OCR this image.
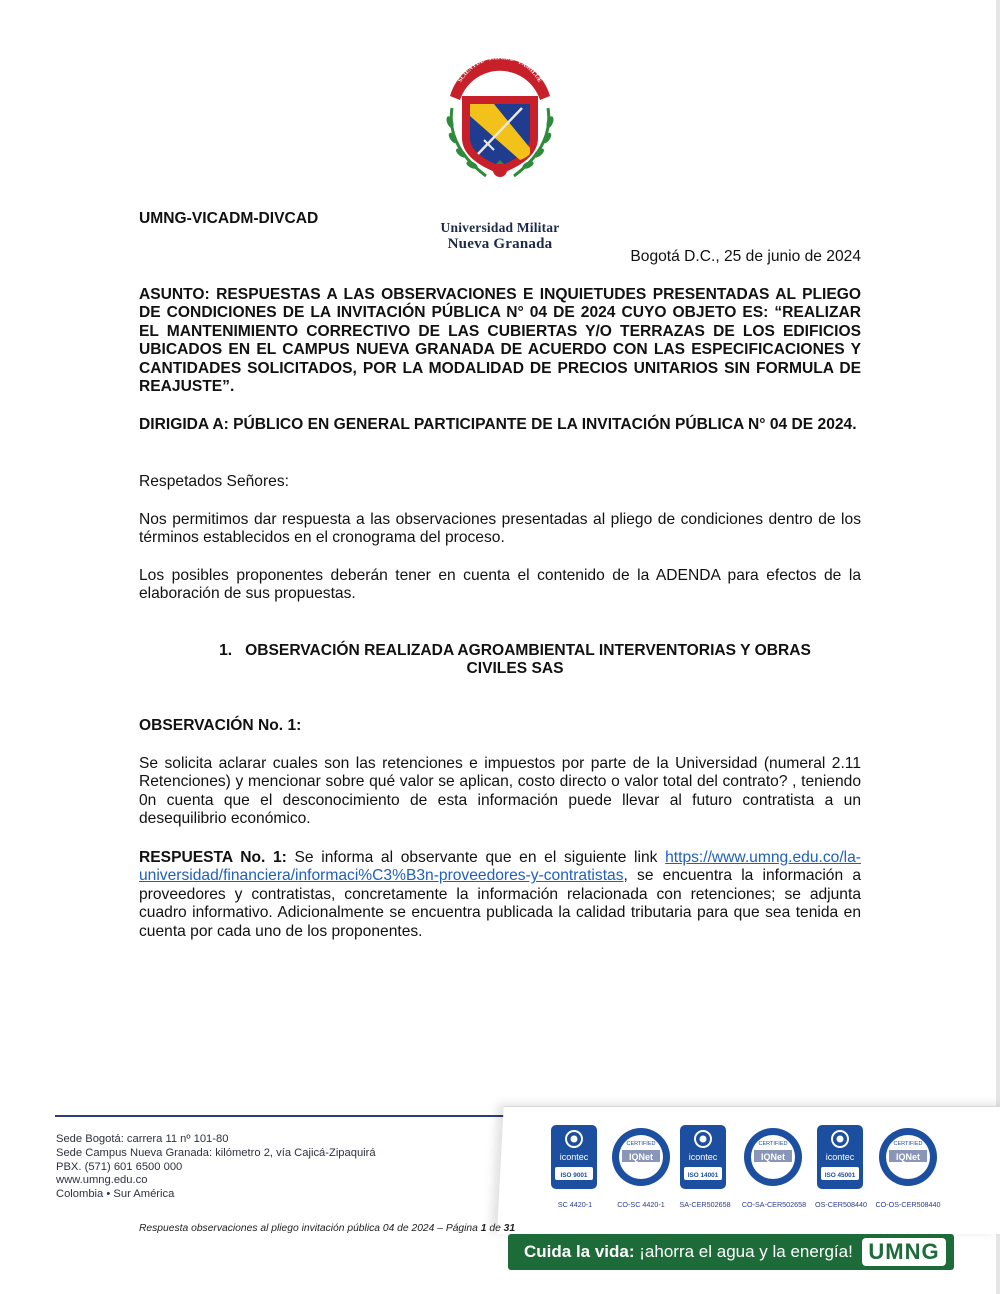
SCIENTIÆ · PATRIÆ · FAMILIÆ
Universidad Militar
Nueva Granada
UMNG-VICADM-DIVCAD
Bogotá D.C., 25 de junio de 2024
ASUNTO: RESPUESTAS A LAS OBSERVACIONES E INQUIETUDES PRESENTADAS AL PLIEGO DE CONDICIONES DE LA INVITACIÓN PÚBLICA N° 04 DE 2024 CUYO OBJETO ES: “REALIZAR EL MANTENIMIENTO CORRECTIVO DE LAS CUBIERTAS Y/O TERRAZAS DE LOS EDIFICIOS UBICADOS EN EL CAMPUS NUEVA GRANADA DE ACUERDO CON LAS ESPECIFICACIONES Y CANTIDADES SOLICITADOS, POR LA MODALIDAD DE PRECIOS UNITARIOS SIN FORMULA DE REAJUSTE”.
DIRIGIDA A: PÚBLICO EN GENERAL PARTICIPANTE DE LA INVITACIÓN PÚBLICA N° 04 DE 2024.
Respetados Señores:
Nos permitimos dar respuesta a las observaciones presentadas al pliego de condiciones dentro de los términos establecidos en el cronograma del proceso.
Los posibles proponentes deberán tener en cuenta el contenido de la ADENDA para efectos de la elaboración de sus propuestas.
1. OBSERVACIÓN REALIZADA AGROAMBIENTAL INTERVENTORIAS Y OBRAS
CIVILES SAS
OBSERVACIÓN No. 1:
Se solicita aclarar cuales son las retenciones e impuestos por parte de la Universidad (numeral 2.11 Retenciones) y mencionar sobre qué valor se aplican, costo directo o valor total del contrato? , teniendo 0n cuenta que el desconocimiento de esta información puede llevar al futuro contratista a un desequilibrio económico.
RESPUESTA No. 1: Se informa al observante que en el siguiente link https://www.umng.edu.co/la-universidad/financiera/informaci%C3%B3n-proveedores-y-contratistas, se encuentra la información a proveedores y contratistas, concretamente la información relacionada con retenciones; se adjunta cuadro informativo. Adicionalmente se encuentra publicada la calidad tributaria para que sea tenida en cuenta por cada uno de los proponentes.
Sede Bogotá: carrera 11 nº 101-80
Sede Campus Nueva Granada: kilómetro 2, vía Cajicá-Zipaquirá
PBX. (571) 601 6500 000
www.umng.edu.co
Colombia • Sur América
icontec
ISO 9001
CERTIFIED
IQNet	icontec
ISO 14001
CERTIFIED
IQNet	icontec
ISO 45001
CERTIFIED
IQNet
SC 4420-1	CO-SC 4420-1	SA-CER502658	CO-SA-CER502658	OS-CER508440	CO-OS-CER508440
Respuesta observaciones al pliego invitación pública 04 de 2024 – Página 1 de 31
Cuida la vida: ¡ahorra el agua y la energía! UMNG
